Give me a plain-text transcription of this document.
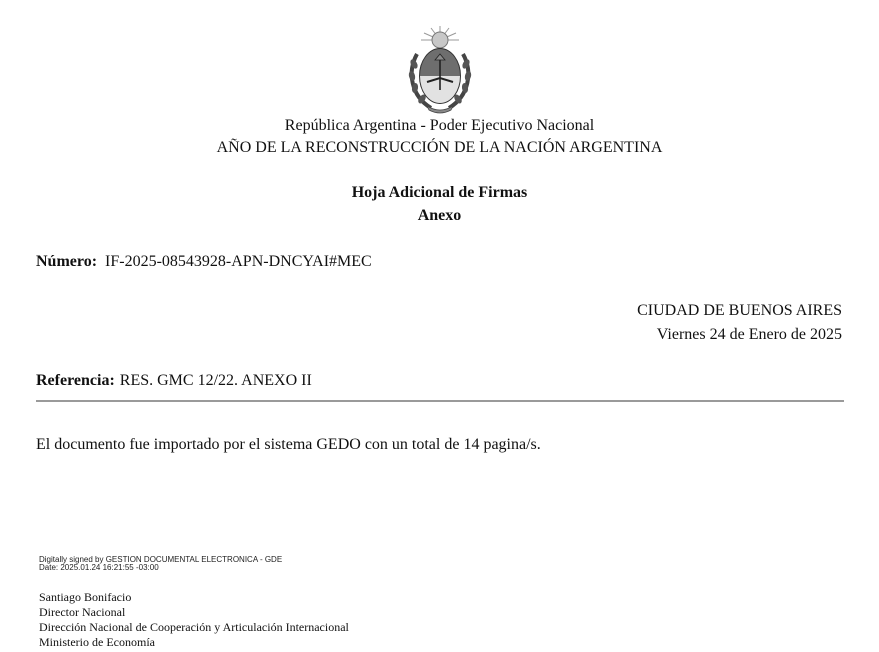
República Argentina - Poder Ejecutivo Nacional
AÑO DE LA RECONSTRUCCIÓN DE LA NACIÓN ARGENTINA
Hoja Adicional de Firmas
Anexo
Número: IF-2025-08543928-APN-DNCYAI#MEC
CIUDAD DE BUENOS AIRES
Viernes 24 de Enero de 2025
Referencia: RES. GMC 12/22. ANEXO II
El documento fue importado por el sistema GEDO con un total de 14 pagina/s.
Digitally signed by GESTION DOCUMENTAL ELECTRONICA - GDE
Date: 2025.01.24 16:21:55 -03:00
Santiago Bonifacio
Director Nacional
Dirección Nacional de Cooperación y Articulación Internacional
Ministerio de Economía
